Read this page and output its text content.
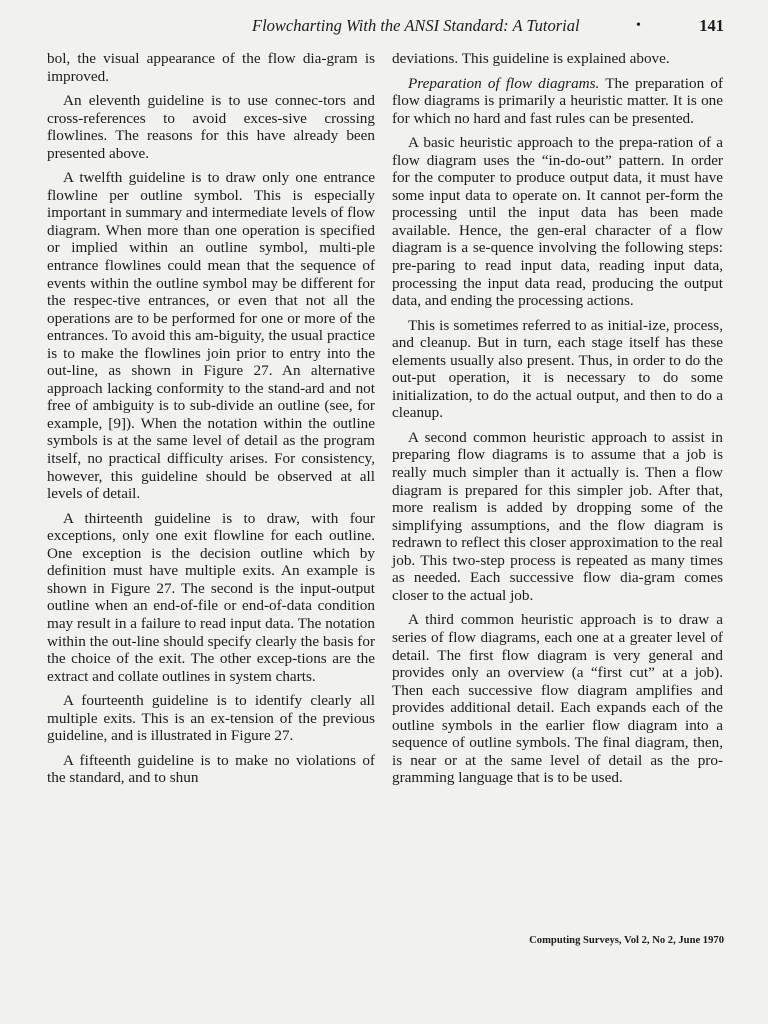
Flowcharting With the ANSI Standard: A Tutorial	•	141

bol, the visual appearance of the flow dia-gram is improved.

An eleventh guideline is to use connec-tors and cross-references to avoid exces-sive crossing flowlines. The reasons for this have already been presented above.

A twelfth guideline is to draw only one entrance flowline per outline symbol. This is especially important in summary and intermediate levels of flow diagram. When more than one operation is specified or implied within an outline symbol, multi-ple entrance flowlines could mean that the sequence of events within the outline symbol may be different for the respec-tive entrances, or even that not all the operations are to be performed for one or more of the entrances. To avoid this am-biguity, the usual practice is to make the flowlines join prior to entry into the out-line, as shown in Figure 27. An alternative approach lacking conformity to the stand-ard and not free of ambiguity is to sub-divide an outline (see, for example, [9]). When the notation within the outline symbols is at the same level of detail as the program itself, no practical difficulty arises. For consistency, however, this guideline should be observed at all levels of detail.

A thirteenth guideline is to draw, with four exceptions, only one exit flowline for each outline. One exception is the decision outline which by definition must have multiple exits. An example is shown in Figure 27. The second is the input-output outline when an end-of-file or end-of-data condition may result in a failure to read input data. The notation within the out-line should specify clearly the basis for the choice of the exit. The other excep-tions are the extract and collate outlines in system charts.

A fourteenth guideline is to identify clearly all multiple exits. This is an ex-tension of the previous guideline, and is illustrated in Figure 27.

A fifteenth guideline is to make no violations of the standard, and to shun

deviations. This guideline is explained above.

Preparation of flow diagrams. The preparation of flow diagrams is primarily a heuristic matter. It is one for which no hard and fast rules can be presented.

A basic heuristic approach to the prepa-ration of a flow diagram uses the “in-do-out” pattern. In order for the computer to produce output data, it must have some input data to operate on. It cannot per-form the processing until the input data has been made available. Hence, the gen-eral character of a flow diagram is a se-quence involving the following steps: pre-paring to read input data, reading input data, processing the input data read, producing the output data, and ending the processing actions.

This is sometimes referred to as initial-ize, process, and cleanup. But in turn, each stage itself has these elements usually also present. Thus, in order to do the out-put operation, it is necessary to do some initialization, to do the actual output, and then to do a cleanup.

A second common heuristic approach to assist in preparing flow diagrams is to assume that a job is really much simpler than it actually is. Then a flow diagram is prepared for this simpler job. After that, more realism is added by dropping some of the simplifying assumptions, and the flow diagram is redrawn to reflect this closer approximation to the real job. This two-step process is repeated as many times as needed. Each successive flow dia-gram comes closer to the actual job.

A third common heuristic approach is to draw a series of flow diagrams, each one at a greater level of detail. The first flow diagram is very general and provides only an overview (a “first cut” at a job). Then each successive flow diagram amplifies and provides additional detail. Each expands each of the outline symbols in the earlier flow diagram into a sequence of outline symbols. The final diagram, then, is near or at the same level of detail as the pro-gramming language that is to be used.

Computing Surveys, Vol 2, No 2, June 1970
